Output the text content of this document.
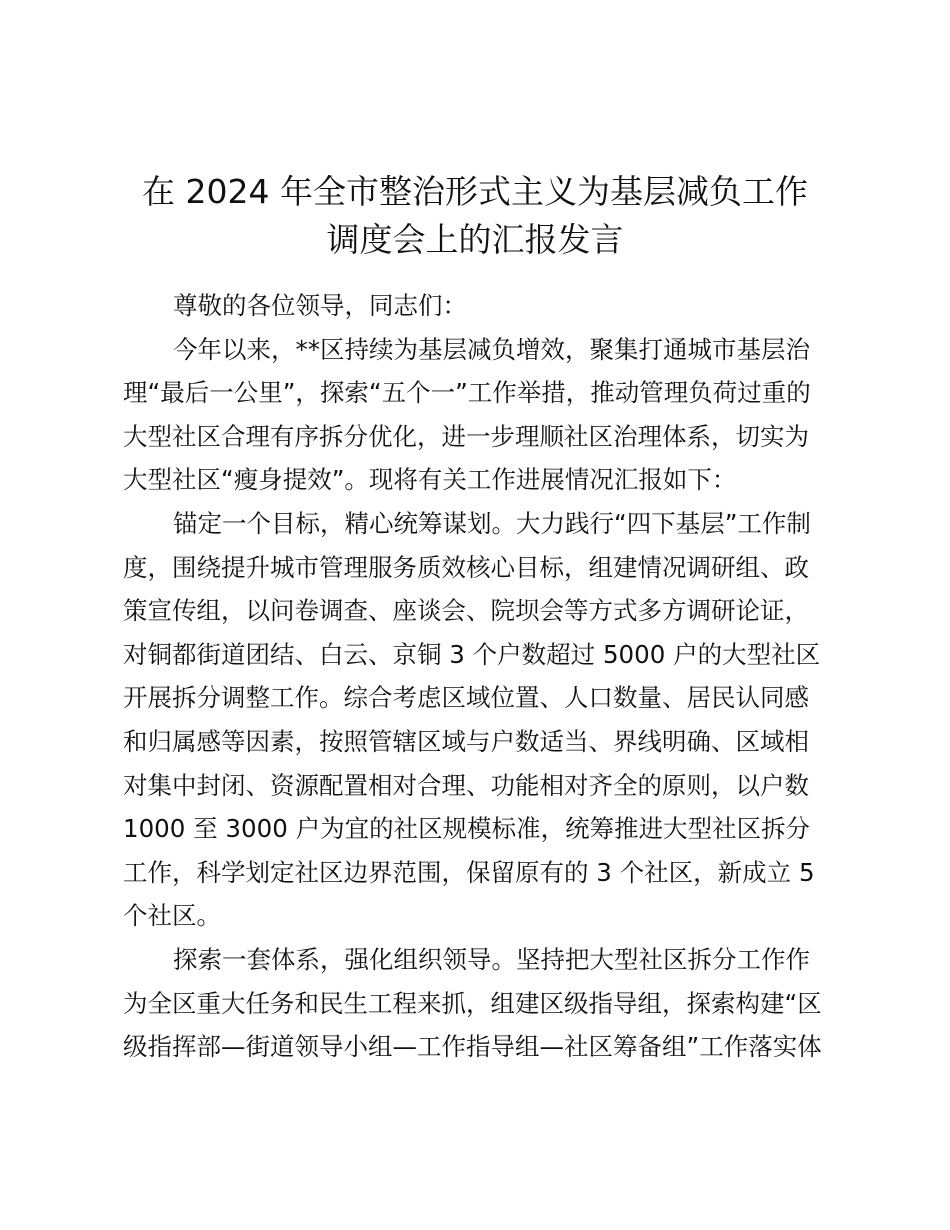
在 2024 年全市整治形式主义为基层减负工作
调度会上的汇报发言
尊敬的各位领导，同志们：
今年以来，**区持续为基层减负增效，聚集打通城市基层治
理“最后一公里”，探索“五个一”工作举措，推动管理负荷过重的
大型社区合理有序拆分优化，进一步理顺社区治理体系，切实为
大型社区“瘦身提效”。现将有关工作进展情况汇报如下：
锚定一个目标，精心统筹谋划。大力践行“四下基层”工作制
度，围绕提升城市管理服务质效核心目标，组建情况调研组、政
策宣传组，以问卷调查、座谈会、院坝会等方式多方调研论证，
对铜都街道团结、白云、京铜 3 个户数超过 5000 户的大型社区
开展拆分调整工作。综合考虑区域位置、人口数量、居民认同感
和归属感等因素，按照管辖区域与户数适当、界线明确、区域相
对集中封闭、资源配置相对合理、功能相对齐全的原则，以户数
1000 至 3000 户为宜的社区规模标准，统筹推进大型社区拆分
工作，科学划定社区边界范围，保留原有的 3 个社区，新成立 5
个社区。
探索一套体系，强化组织领导。坚持把大型社区拆分工作作
为全区重大任务和民生工程来抓，组建区级指导组，探索构建“区
级指挥部—街道领导小组—工作指导组—社区筹备组”工作落实体
